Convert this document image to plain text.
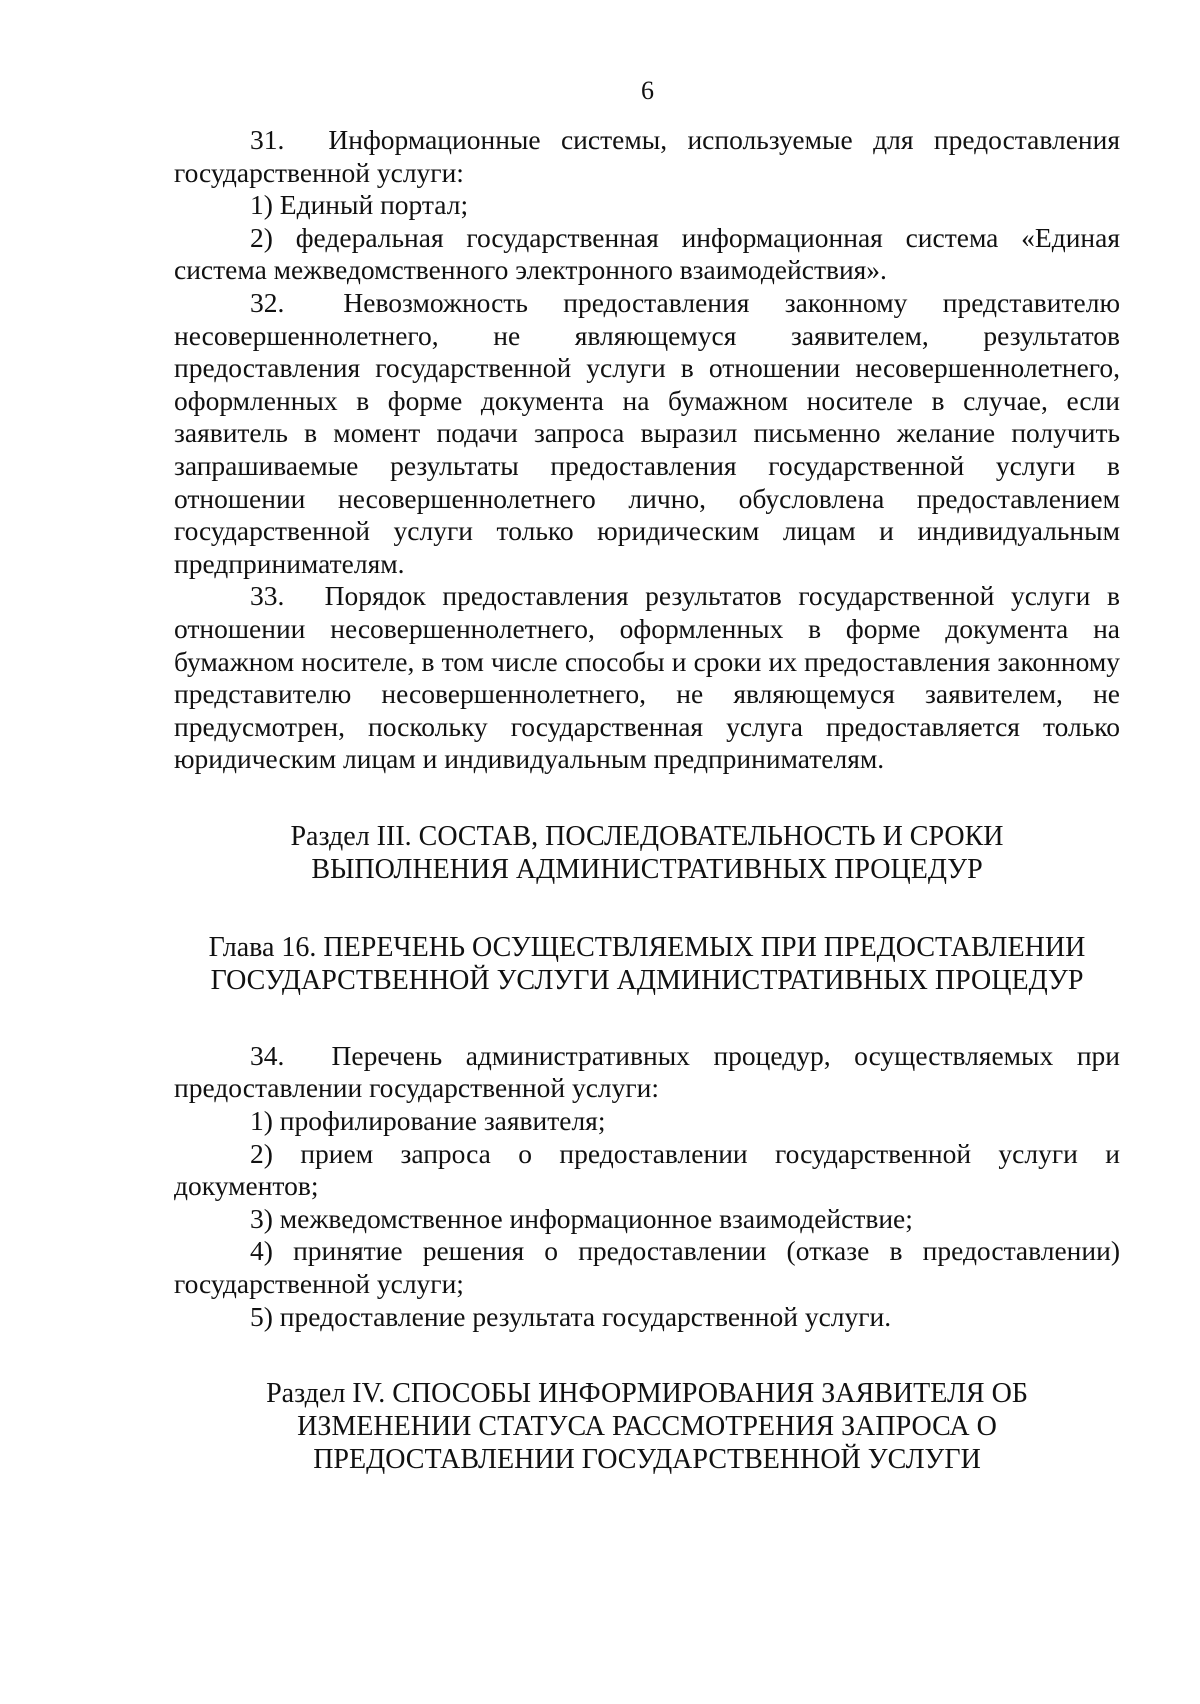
6

31. Информационные системы, используемые для предоставления государственной услуги:

1) Единый портал;

2) федеральная государственная информационная система «Единая система межведомственного электронного взаимодействия».

32. Невозможность предоставления законному представителю несовершеннолетнего, не являющемуся заявителем, результатов предоставления государственной услуги в отношении несовершеннолетнего, оформленных в форме документа на бумажном носителе в случае, если заявитель в момент подачи запроса выразил письменно желание получить запрашиваемые результаты предоставления государственной услуги в отношении несовершеннолетнего лично, обусловлена предоставлением государственной услуги только юридическим лицам и индивидуальным предпринимателям.

33. Порядок предоставления результатов государственной услуги в отношении несовершеннолетнего, оформленных в форме документа на бумажном носителе, в том числе способы и сроки их предоставления законному представителю несовершеннолетнего, не являющемуся заявителем, не предусмотрен, поскольку государственная услуга предоставляется только юридическим лицам и индивидуальным предпринимателям.

Раздел III. СОСТАВ, ПОСЛЕДОВАТЕЛЬНОСТЬ И СРОКИ
ВЫПОЛНЕНИЯ АДМИНИСТРАТИВНЫХ ПРОЦЕДУР
Глава 16. ПЕРЕЧЕНЬ ОСУЩЕСТВЛЯЕМЫХ ПРИ ПРЕДОСТАВЛЕНИИ
ГОСУДАРСТВЕННОЙ УСЛУГИ АДМИНИСТРАТИВНЫХ ПРОЦЕДУР

34. Перечень административных процедур, осуществляемых при предоставлении государственной услуги:

1) профилирование заявителя;

2) прием запроса о предоставлении государственной услуги и документов;

3) межведомственное информационное взаимодействие;

4) принятие решения о предоставлении (отказе в предоставлении) государственной услуги;

5) предоставление результата государственной услуги.

Раздел IV. СПОСОБЫ ИНФОРМИРОВАНИЯ ЗАЯВИТЕЛЯ ОБ
ИЗМЕНЕНИИ СТАТУСА РАССМОТРЕНИЯ ЗАПРОСА О
ПРЕДОСТАВЛЕНИИ ГОСУДАРСТВЕННОЙ УСЛУГИ
